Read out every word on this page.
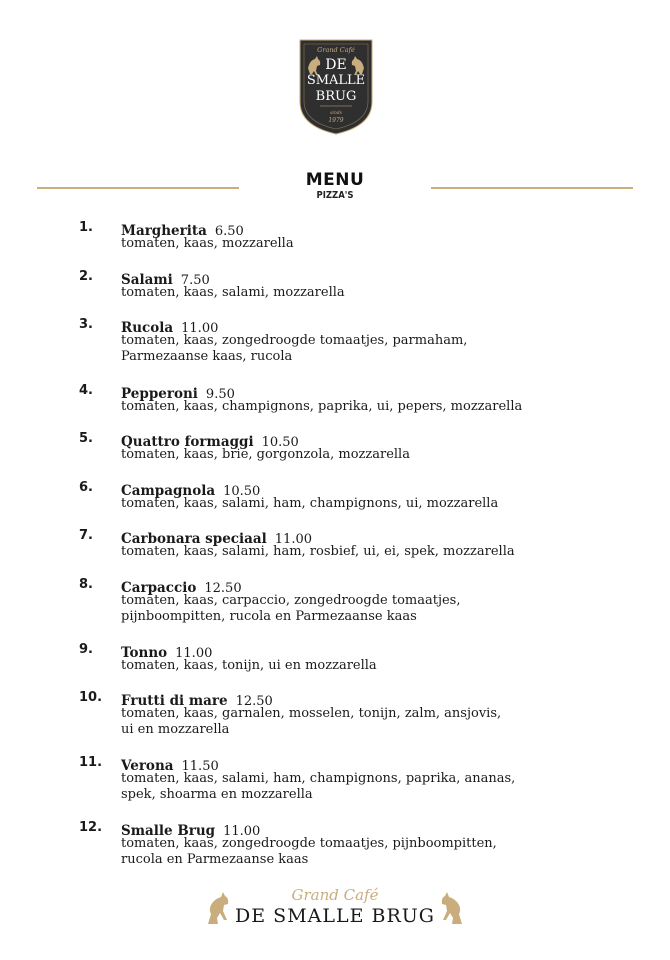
Grand Café
DE
SMALLE
BRUG
sinds
1979
MENU
PIZZA'S
1. Margherita 6.50
tomaten, kaas, mozzarella
2. Salami 7.50
tomaten, kaas, salami, mozzarella
3. Rucola 11.00
tomaten, kaas, zongedroogde tomaatjes, parmaham,
Parmezaanse kaas, rucola
4. Pepperoni 9.50
tomaten, kaas, champignons, paprika, ui, pepers, mozzarella
5. Quattro formaggi 10.50
tomaten, kaas, brie, gorgonzola, mozzarella
6. Campagnola 10.50
tomaten, kaas, salami, ham, champignons, ui, mozzarella
7. Carbonara speciaal 11.00
tomaten, kaas, salami, ham, rosbief, ui, ei, spek, mozzarella
8. Carpaccio 12.50
tomaten, kaas, carpaccio, zongedroogde tomaatjes,
pijnboompitten, rucola en Parmezaanse kaas
9. Tonno 11.00
tomaten, kaas, tonijn, ui en mozzarella
10. Frutti di mare 12.50
tomaten, kaas, garnalen, mosselen, tonijn, zalm, ansjovis,
ui en mozzarella
11. Verona 11.50
tomaten, kaas, salami, ham, champignons, paprika, ananas,
spek, shoarma en mozzarella
12. Smalle Brug 11.00
tomaten, kaas, zongedroogde tomaatjes, pijnboompitten,
rucola en Parmezaanse kaas
Grand Café
DE SMALLE BRUG
